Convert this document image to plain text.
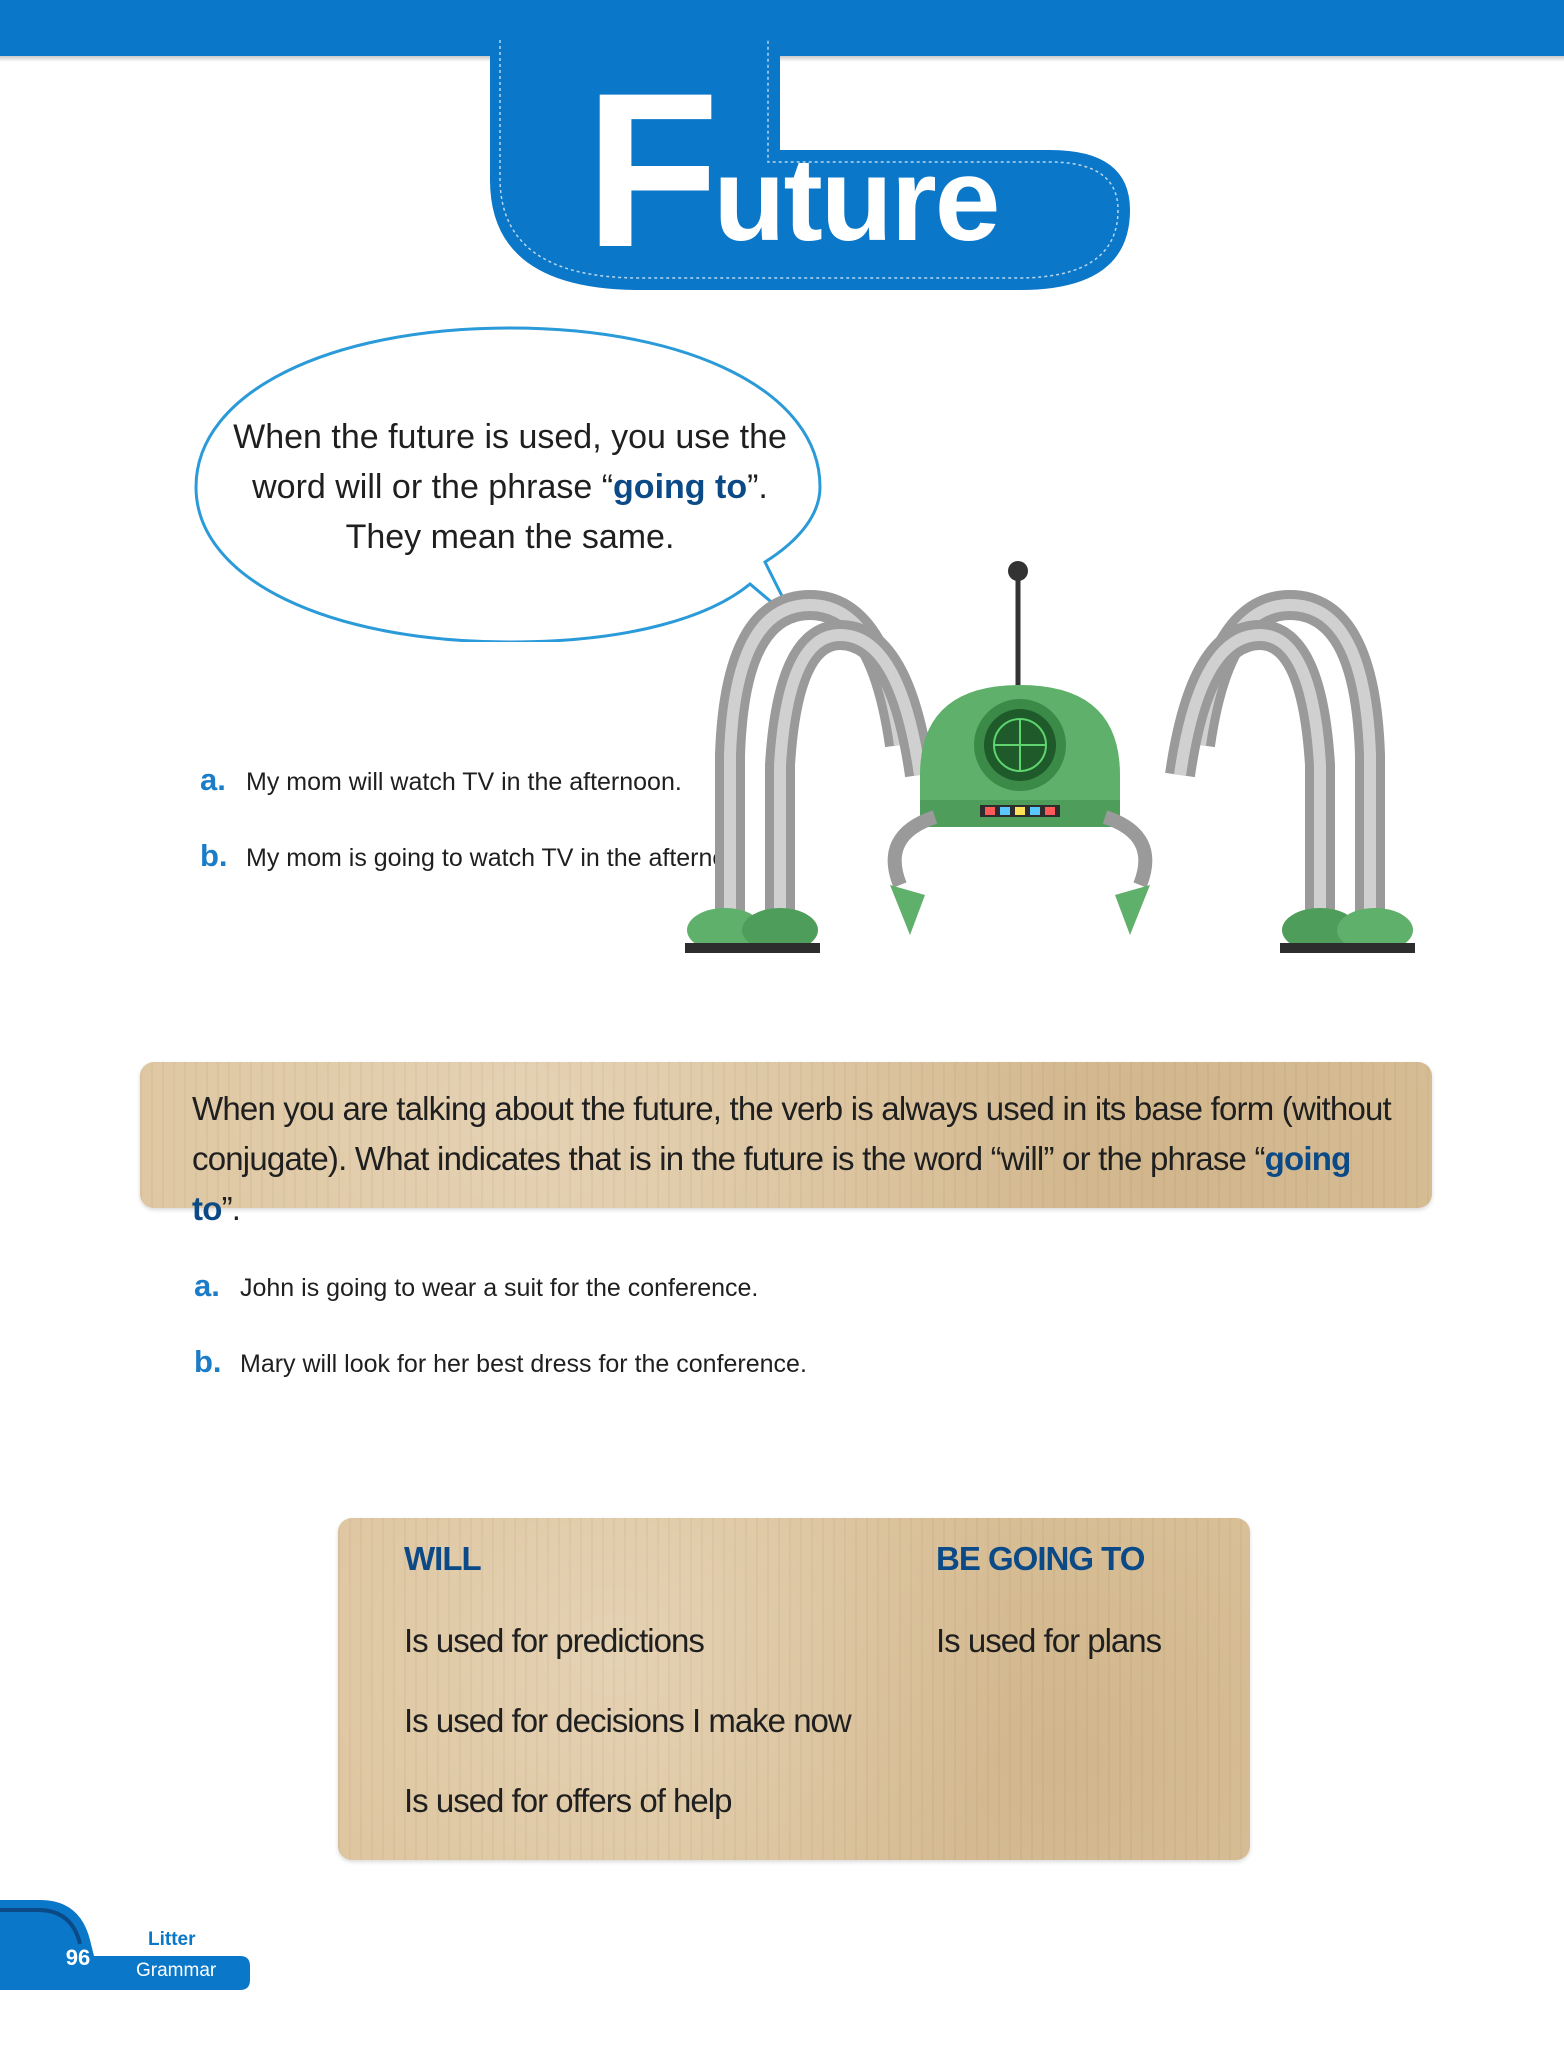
Future
When the future is used, you use the
word will or the phrase “going to”.
They mean the same.
a. My mom will watch TV in the afternoon.
b. My mom is going to watch TV in the afterno
When you are talking about the future, the verb is always used in its base form (without
conjugate). What indicates that is in the future is the word “will” or the phrase “going to”.
a. John is going to wear a suit for the conference.
b. Mary will look for her best dress for the conference.
WILL
Is used for predictions
Is used for decisions I make now
Is used for offers of help
BE GOING TO
Is used for plans
96
Litter
Grammar
